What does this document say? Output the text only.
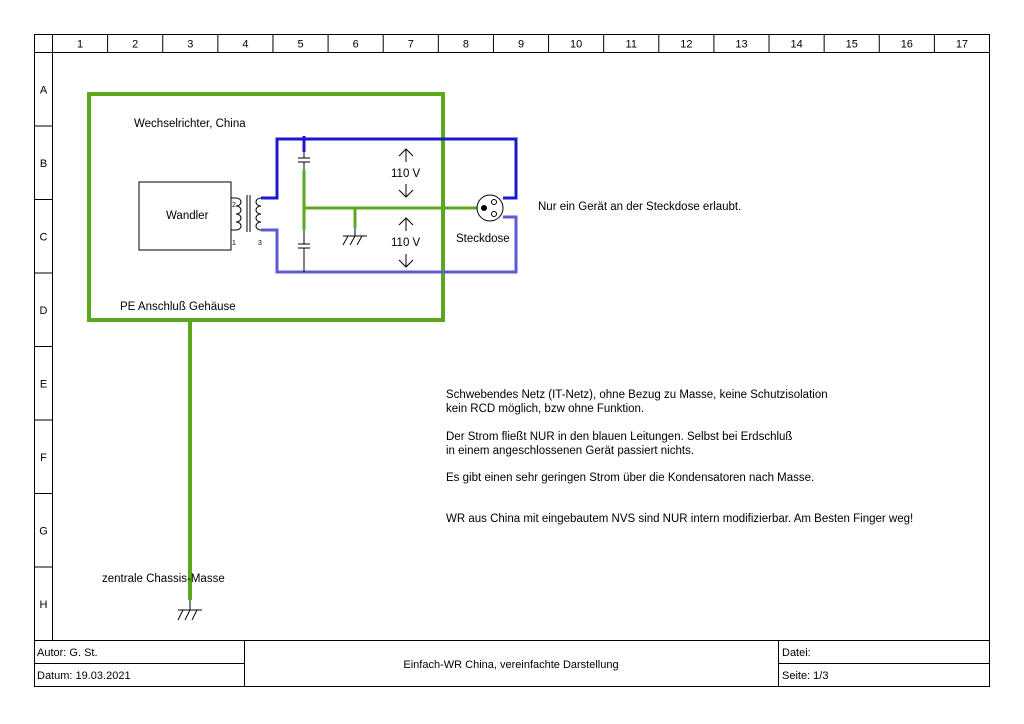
1	2	3	4	5	6	7	8	9	10	11	12	13	14	15	16	17
A
B
C
D
E
F
G
H
Wechselrichter, China
Wandler
2
1	3
110 V
110 V	Steckdose
Nur ein Gerät an der Steckdose erlaubt.
PE Anschluß Gehäuse
zentrale Chassis-Masse
Schwebendes Netz (IT-Netz), ohne Bezug zu Masse, keine Schutzisolation
kein RCD möglich, bzw ohne Funktion.
Der Strom fließt NUR in den blauen Leitungen. Selbst bei Erdschluß
in einem angeschlossenen Gerät passiert nichts.
Es gibt einen sehr geringen Strom über die Kondensatoren nach Masse.
WR aus China mit eingebautem NVS sind NUR intern modifizierbar. Am Besten Finger weg!
Autor: G. St.
Datum: 19.03.2021
Einfach-WR China, vereinfachte Darstellung
Datei:
Seite: 1/3
